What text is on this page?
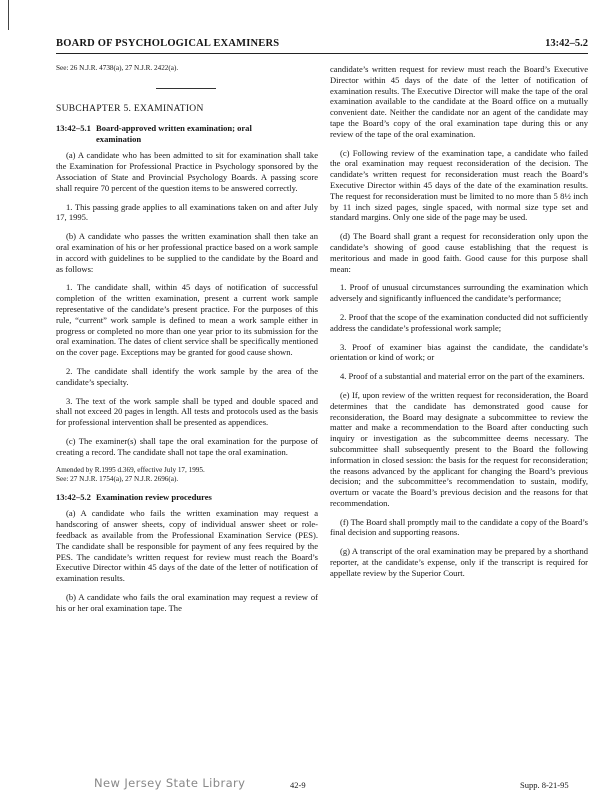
BOARD OF PSYCHOLOGICAL EXAMINERS	13:42–5.2

See: 26 N.J.R. 4738(a), 27 N.J.R. 2422(a).

SUBCHAPTER 5. EXAMINATION

13:42–5.1 Board-approved written examination; oral
examination

(a) A candidate who has been admitted to sit for examination shall take the Examination for Professional Practice in Psychology sponsored by the Association of State and Provincial Psychology Boards. A passing score shall require 70 percent of the question items to be answered correctly.

1. This passing grade applies to all examinations taken on and after July 17, 1995.

(b) A candidate who passes the written examination shall then take an oral examination of his or her professional practice based on a work sample in accord with guidelines to be supplied to the candidate by the Board and as follows:

1. The candidate shall, within 45 days of notification of successful completion of the written examination, present a current work sample representative of the candidate’s present practice. For the purposes of this rule, “current” work sample is defined to mean a work sample either in progress or completed no more than one year prior to its submission for the oral examination. The dates of client service shall be specifically mentioned on the cover page. Exceptions may be granted for good cause shown.

2. The candidate shall identify the work sample by the area of the candidate’s specialty.

3. The text of the work sample shall be typed and double spaced and shall not exceed 20 pages in length. All tests and protocols used as the basis for professional intervention shall be presented as appendices.

(c) The examiner(s) shall tape the oral examination for the purpose of creating a record. The candidate shall not tape the oral examination.

Amended by R.1995 d.369, effective July 17, 1995.

See: 27 N.J.R. 1754(a), 27 N.J.R. 2696(a).

13:42–5.2 Examination review procedures

(a) A candidate who fails the written examination may request a handscoring of answer sheets, copy of individual answer sheet or role-feedback as available from the Professional Examination Service (PES). The candidate shall be responsible for payment of any fees required by the PES. The candidate’s written request for review must reach the Board’s Executive Director within 45 days of the date of the letter of notification of examination results.

(b) A candidate who fails the oral examination may request a review of his or her oral examination tape. The

candidate’s written request for review must reach the Board’s Executive Director within 45 days of the date of the letter of notification of examination results. The Executive Director will make the tape of the oral examination available to the candidate at the Board office on a mutually convenient date. Neither the candidate nor an agent of the candidate may tape the Board’s copy of the oral examination tape during this or any review of the tape of the oral examination.

(c) Following review of the examination tape, a candidate who failed the oral examination may request reconsideration of the decision. The candidate’s written request for reconsideration must reach the Board’s Executive Director within 45 days of the date of the examination results. The request for reconsideration must be limited to no more than 5 8½ inch by 11 inch sized pages, single spaced, with normal size type set and standard margins. Only one side of the page may be used.

(d) The Board shall grant a request for reconsideration only upon the candidate’s showing of good cause establishing that the request is meritorious and made in good faith. Good cause for this purpose shall mean:

1. Proof of unusual circumstances surrounding the examination which adversely and significantly influenced the candidate’s performance;

2. Proof that the scope of the examination conducted did not sufficiently address the candidate’s professional work sample;

3. Proof of examiner bias against the candidate, the candidate’s orientation or kind of work; or

4. Proof of a substantial and material error on the part of the examiners.

(e) If, upon review of the written request for reconsideration, the Board determines that the candidate has demonstrated good cause for reconsideration, the Board may designate a subcommittee to review the matter and make a recommendation to the Board after conducting such inquiry or investigation as the subcommittee deems necessary. The subcommittee shall subsequently present to the Board the following information in closed session: the basis for the request for reconsideration; the reasons advanced by the applicant for changing the Board’s previous decision; and the subcommittee’s recommendation to sustain, modify, overturn or vacate the Board’s previous decision and the reasons for that recommendation.

(f) The Board shall promptly mail to the candidate a copy of the Board’s final decision and supporting reasons.

(g) A transcript of the oral examination may be prepared by a shorthand reporter, at the candidate’s expense, only if the transcript is required for appellate review by the Superior Court.

New Jersey State Library	42-9	Supp. 8-21-95
